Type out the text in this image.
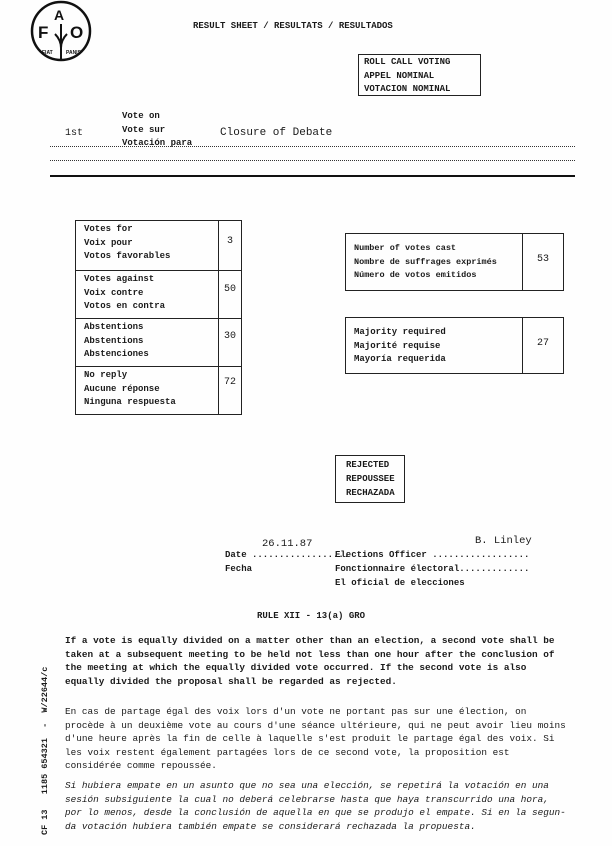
F
A
O
FIAT	PANIS
RESULT SHEET / RESULTATS / RESULTADOS
ROLL CALL VOTING
APPEL NOMINAL
VOTACION NOMINAL
Vote on
Vote sur
Votación para
1st	Closure of Debate
Votes for
Voix pour
Votos favorables
3
Votes against
Voix contre
Votos en contra
50
Abstentions
Abstentions
Abstenciones
30
No reply
Aucune réponse
Ninguna respuesta
72
Number of votes cast
Nombre de suffrages exprimés
Número de votos emitidos
53
Majority required
Majorité requise
Mayoría requerida
27
REJECTED
REPOUSSEE
RECHAZADA
26.11.87	B. Linley
Date ..................
Fecha
Elections Officer ..................
Fonctionnaire électoral.............
El oficial de elecciones
RULE XII - 13(a) GRO
If a vote is equally divided on a matter other than an election, a second vote shall be
taken at a subsequent meeting to be held not less than one hour after the conclusion of
the meeting at which the equally divided vote occurred. If the second vote is also
equally divided the proposal shall be regarded as rejected.
En cas de partage égal des voix lors d'un vote ne portant pas sur une élection, on
procède à un deuxième vote au cours d'une séance ultérieure, qui ne peut avoir lieu moins
d'une heure après la fin de celle à laquelle s'est produit le partage égal des voix. Si
les voix restent également partagées lors de ce second vote, la proposition est
considérée comme repoussée.
Si hubiera empate en un asunto que no sea una elección, se repetirá la votación en una
sesión subsiguiente la cual no deberá celebrarse hasta que haya transcurrido una hora,
por lo menos, desde la conclusión de aquella en que se produjo el empate. Si en la segun-
da votación hubiera también empate se considerará rechazada la propuesta.
CF 13   1185 654321  -  W/22644/c
